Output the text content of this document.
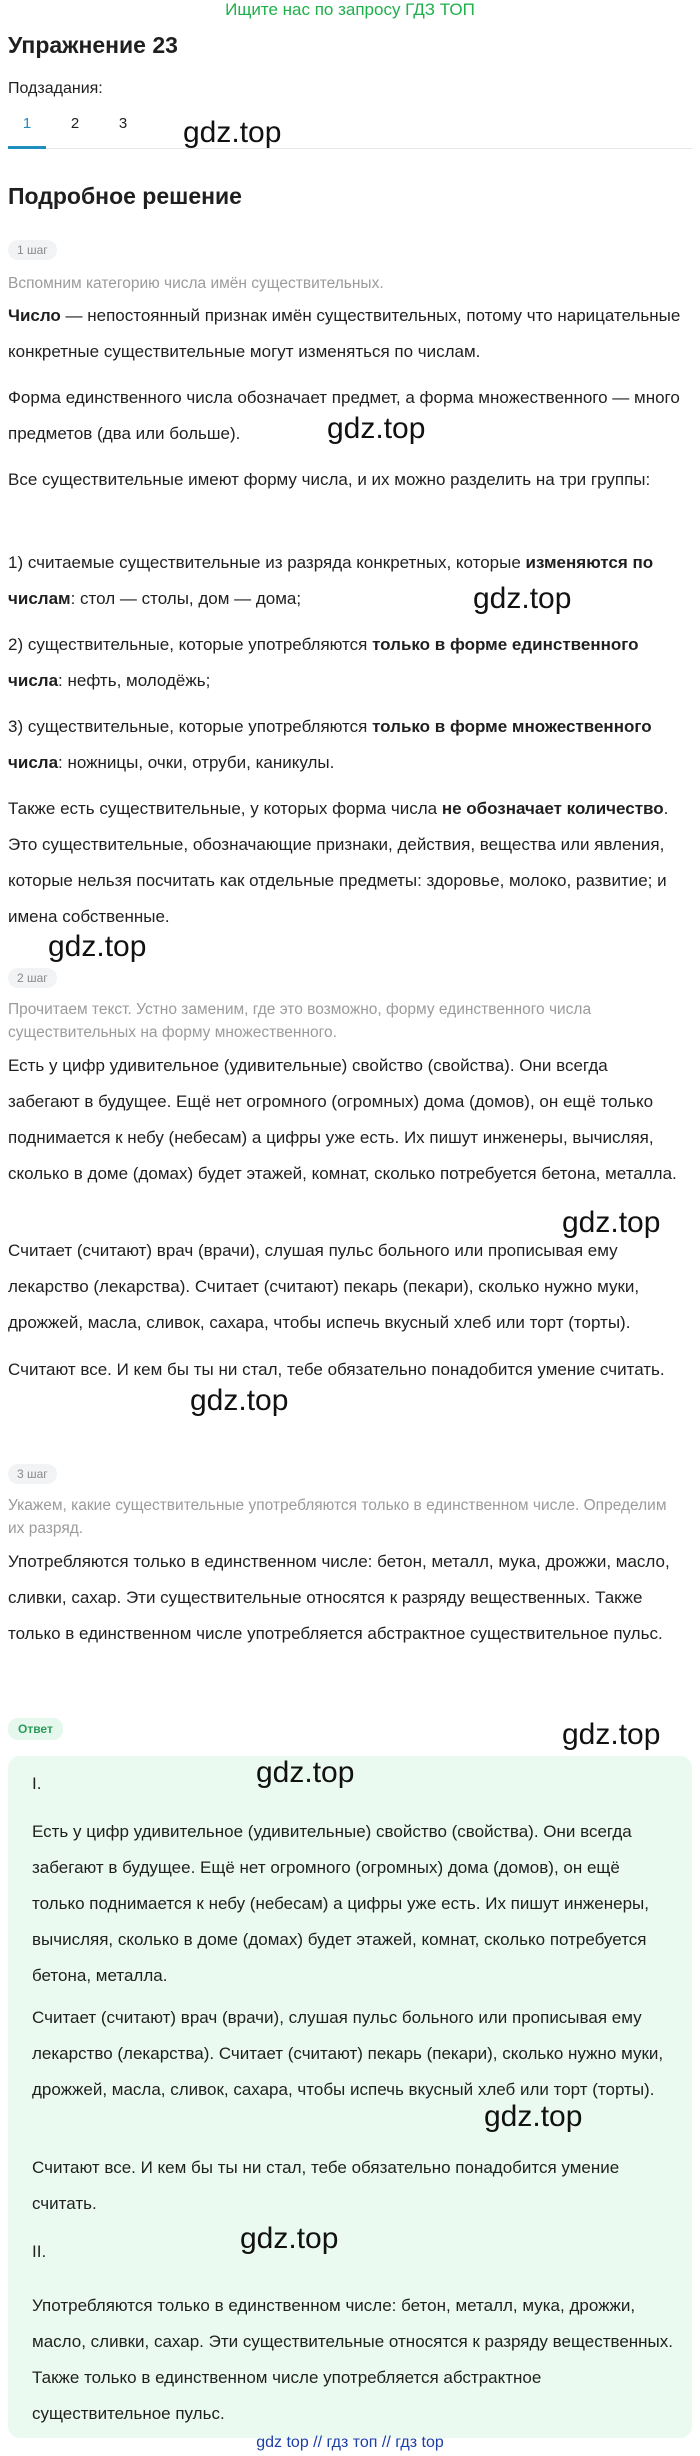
Ищите нас по запросу ГДЗ ТОП
Упражнение 23
Подзадания:
1	2	3	gdz.top
Подробное решение
1 шаг
Вспомним категорию числа имён существительных.
Число — непостоянный признак имён существительных, потому что нарицательные конкретные существительные могут изменяться по числам.
Форма единственного числа обозначает предмет, а форма множественного — много предметов (два или больше).
Все существительные имеют форму числа, и их можно разделить на три группы:
1) считаемые существительные из разряда конкретных, которые изменяются по числам: стол — столы, дом — дома;
2) существительные, которые употребляются только в форме единственного числа: нефть, молодёжь;
3) существительные, которые употребляются только в форме множественного числа: ножницы, очки, отруби, каникулы.
Также есть существительные, у которых форма числа не обозначает количество. Это существительные, обозначающие признаки, действия, вещества или явления, которые нельзя посчитать как отдельные предметы: здоровье, молоко, развитие; и имена собственные.
gdz.top
gdz.top
gdz.top
2 шаг
Прочитаем текст. Устно заменим, где это возможно, форму единственного числа существительных на форму множественного.
Есть у цифр удивительное (удивительные) свойство (свойства). Они всегда забегают в будущее. Ещё нет огромного (огромных) дома (домов), он ещё только поднимается к небу (небесам) а цифры уже есть. Их пишут инженеры, вычисляя, сколько в доме (домах) будет этажей, комнат, сколько потребуется бетона, металла.
Считает (считают) врач (врачи), слушая пульс больного или прописывая ему лекарство (лекарства). Считает (считают) пекарь (пекари), сколько нужно муки, дрожжей, масла, сливок, сахара, чтобы испечь вкусный хлеб или торт (торты).
Считают все. И кем бы ты ни стал, тебе обязательно понадобится умение считать.
gdz.top
gdz.top
3 шаг
Укажем, какие существительные употребляются только в единственном числе. Определим их разряд.
Употребляются только в единственном числе: бетон, металл, мука, дрожжи, масло, сливки, сахар. Эти существительные относятся к разряду вещественных. Также только в единственном числе употребляется абстрактное существительное пульс.
gdz.top
Ответ
I.
Есть у цифр удивительное (удивительные) свойство (свойства). Они всегда забегают в будущее. Ещё нет огромного (огромных) дома (домов), он ещё только поднимается к небу (небесам) а цифры уже есть. Их пишут инженеры, вычисляя, сколько в доме (домах) будет этажей, комнат, сколько потребуется бетона, металла.
Считает (считают) врач (врачи), слушая пульс больного или прописывая ему лекарство (лекарства). Считает (считают) пекарь (пекари), сколько нужно муки, дрожжей, масла, сливок, сахара, чтобы испечь вкусный хлеб или торт (торты).
Считают все. И кем бы ты ни стал, тебе обязательно понадобится умение считать.
II.
Употребляются только в единственном числе: бетон, металл, мука, дрожжи, масло, сливки, сахар. Эти существительные относятся к разряду вещественных. Также только в единственном числе употребляется абстрактное существительное пульс.
gdz.top
gdz.top
gdz.top
gdz top // гдз топ // гдз top
